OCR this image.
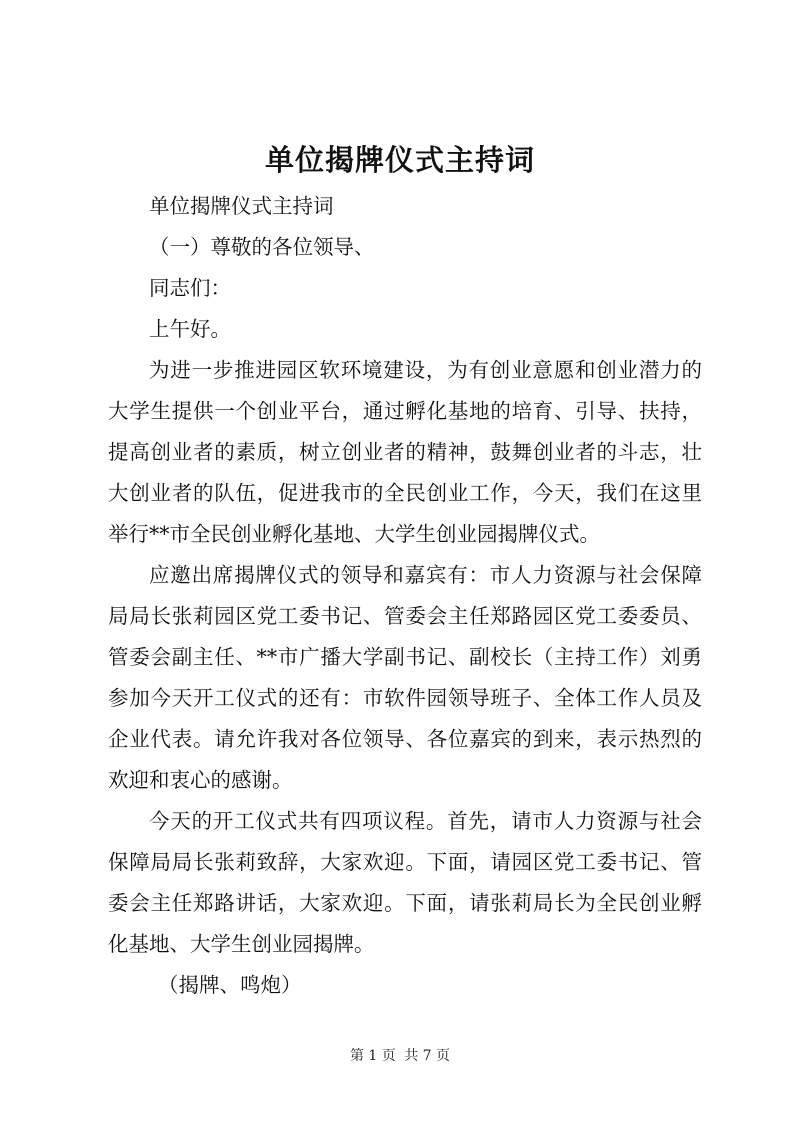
单位揭牌仪式主持词

单位揭牌仪式主持词

（一）尊敬的各位领导、

同志们：

上午好。

为进一步推进园区软环境建设，为有创业意愿和创业潜力的大学生提供一个创业平台，通过孵化基地的培育、引导、扶持，提高创业者的素质，树立创业者的精神，鼓舞创业者的斗志，壮大创业者的队伍，促进我市的全民创业工作，今天，我们在这里举行**市全民创业孵化基地、大学生创业园揭牌仪式。

应邀出席揭牌仪式的领导和嘉宾有：市人力资源与社会保障局局长张莉园区党工委书记、管委会主任郑路园区党工委委员、管委会副主任、**市广播大学副书记、副校长（主持工作）刘勇参加今天开工仪式的还有：市软件园领导班子、全体工作人员及企业代表。请允许我对各位领导、各位嘉宾的到来，表示热烈的欢迎和衷心的感谢。

今天的开工仪式共有四项议程。首先，请市人力资源与社会保障局局长张莉致辞，大家欢迎。下面，请园区党工委书记、管委会主任郑路讲话，大家欢迎。下面，请张莉局长为全民创业孵化基地、大学生创业园揭牌。

（揭牌、鸣炮）

第 1 页 共 7 页
